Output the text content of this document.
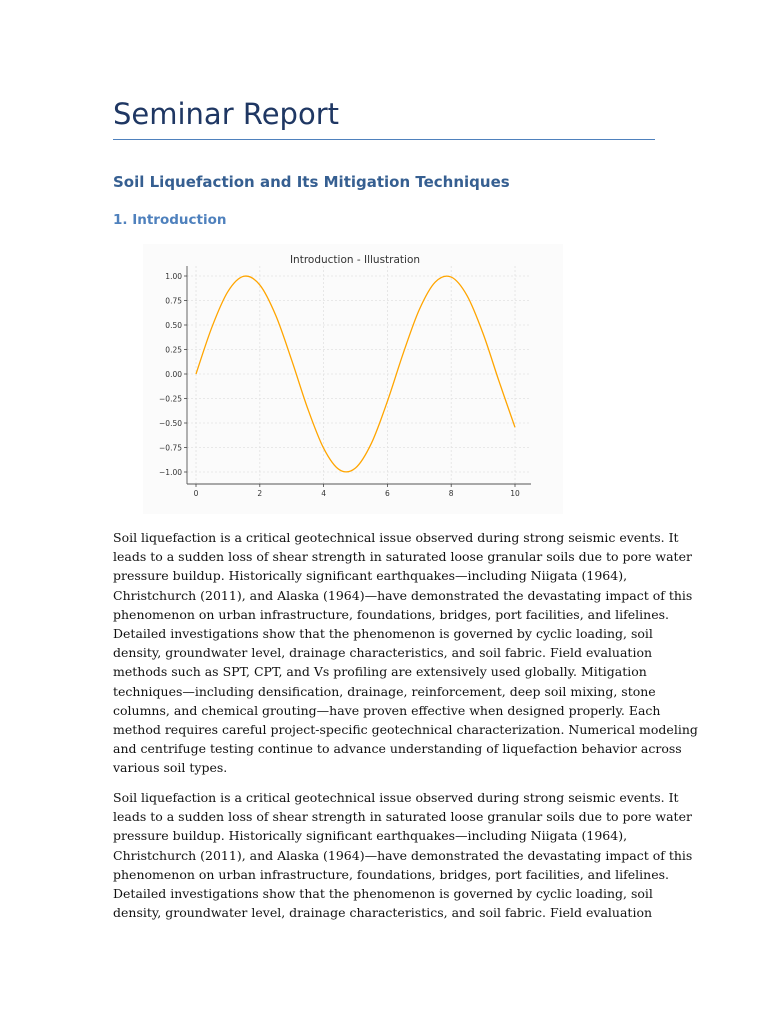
Seminar Report
Soil Liquefaction and Its Mitigation Techniques
1. Introduction
Introduction - Illustration
1.00
0.75
0.50
0.25
0.00
−0.25
−0.50
−0.75
−1.00
0	2	4	6	8	10

Soil liquefaction is a critical geotechnical issue observed during strong seismic events. It
leads to a sudden loss of shear strength in saturated loose granular soils due to pore water
pressure buildup. Historically significant earthquakes—including Niigata (1964),
Christchurch (2011), and Alaska (1964)—have demonstrated the devastating impact of this
phenomenon on urban infrastructure, foundations, bridges, port facilities, and lifelines.
Detailed investigations show that the phenomenon is governed by cyclic loading, soil
density, groundwater level, drainage characteristics, and soil fabric. Field evaluation
methods such as SPT, CPT, and Vs profiling are extensively used globally. Mitigation
techniques—including densification, drainage, reinforcement, deep soil mixing, stone
columns, and chemical grouting—have proven effective when designed properly. Each
method requires careful project-specific geotechnical characterization. Numerical modeling
and centrifuge testing continue to advance understanding of liquefaction behavior across
various soil types.

Soil liquefaction is a critical geotechnical issue observed during strong seismic events. It
leads to a sudden loss of shear strength in saturated loose granular soils due to pore water
pressure buildup. Historically significant earthquakes—including Niigata (1964),
Christchurch (2011), and Alaska (1964)—have demonstrated the devastating impact of this
phenomenon on urban infrastructure, foundations, bridges, port facilities, and lifelines.
Detailed investigations show that the phenomenon is governed by cyclic loading, soil
density, groundwater level, drainage characteristics, and soil fabric. Field evaluation
